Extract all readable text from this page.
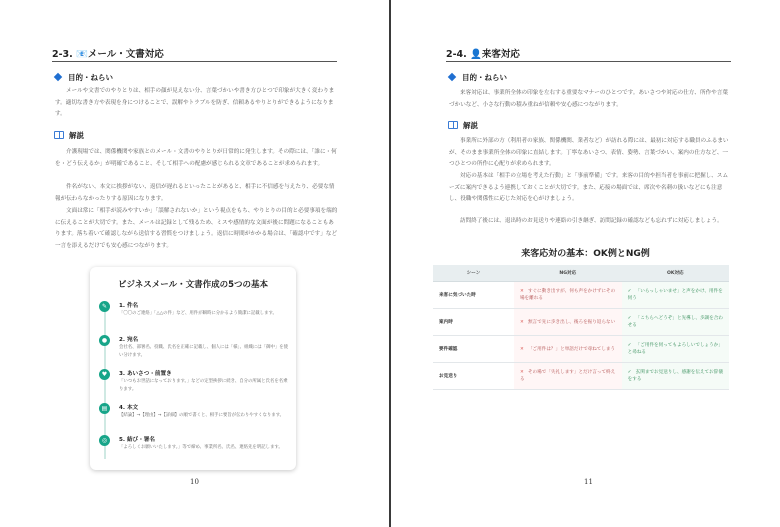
2-3. 📧メール・文書対応
目的・ねらい
メールや文書でのやりとりは、相手の顔が見えない分、言葉づかいや書き方ひとつで印象が大きく変わります。適切な書き方や表現を身につけることで、誤解やトラブルを防ぎ、信頼あるやりとりができるようになります。
解説
介護現場では、関係機関や家族とのメール・文書のやりとりが日常的に発生します。その際には、「誰に・何を・どう伝えるか」が明確であること、そして相手への配慮が感じられる文章であることが求められます。
件名がない、本文に挨拶がない、返信が遅れるといったことがあると、相手に不信感を与えたり、必要な情報が伝わらなかったりする原因になります。
文面は常に「相手が読みやすいか」「誤解されないか」という視点をもち、やりとりの目的と必要事項を端的に伝えることが大切です。また、メールは記録として残るため、ミスや感情的な文面が後に問題になることもあります。落ち着いて確認しながら送信する習慣をつけましょう。返信に時間がかかる場合は、「確認中です」など一言を添えるだけでも安心感につながります。
ビジネスメール・文書作成の5つの基本
✎	1. 件名
「〇〇のご連絡」「△△の件」など、用件が瞬時に分かるよう簡潔に記載します。
●	2. 宛名
会社名、部署名、役職、氏名を正確に記載し、個人には「様」、組織には「御中」を使い分けます。
♥	3. あいさつ・前置き
「いつもお世話になっております。」などの定型挨拶に続き、自分の所属と氏名を名乗ります。
▤	4. 本文
【結論】→【理由】→【詳細】の順で書くと、相手に要旨が伝わりやすくなります。
◎	5. 結び・署名
「よろしくお願いいたします。」等で締め、事業所名、氏名、連絡先を明記します。
10
2-4. 👤来客対応
目的・ねらい
来客対応は、事業所全体の印象を左右する重要なマナーのひとつです。あいさつや対応の仕方、所作や言葉づかいなど、小さな行動の積み重ねが信頼や安心感につながります。
解説
事業所に外部の方（利用者の家族、関係機関、業者など）が訪れる際には、最初に対応する職員のふるまいが、そのまま事業所全体の印象に直結します。丁寧なあいさつ、表情、姿勢、言葉づかい、案内の仕方など、一つひとつの所作に心配りが求められます。
対応の基本は「相手の立場を考えた行動」と「事前準備」です。来客の目的や担当者を事前に把握し、スムーズに案内できるよう連携しておくことが大切です。また、応接の場面では、席次や名刺の扱いなどにも注意し、役職や関係性に応じた対応を心がけましょう。
訪問終了後には、退出時のお見送りや連絡の引き継ぎ、訪問記録の確認なども忘れずに対応しましょう。
11
来客応対の基本：OK例とNG例
シーン	NG対応	OK対応
来客に気づいた時	✕ すぐに動き出すが、何も声をかけずにその場を離れる	✓ 「いらっしゃいませ」と声をかけ、用件を伺う
案内時	✕ 無言で先に歩き出し、後ろを振り返らない	✓ 「こちらへどうぞ」と先導し、歩調を合わせる
要件確認	✕ 「ご用件は？」と単語だけで尋ねてしまう	✓ 「ご用件を伺ってもよろしいでしょうか」と尋ねる
お見送り	✕ その場で「失礼します」とだけ言って終える	✓ 玄関までお見送りし、感謝を伝えてお辞儀をする
